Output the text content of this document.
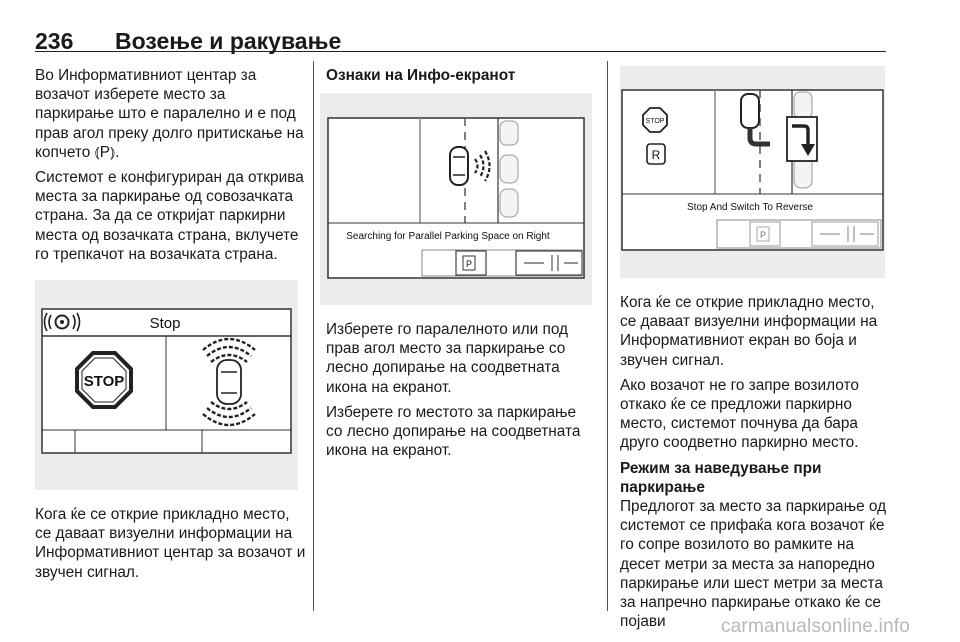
236 Возење и ракување

Во Информативниот центар за возачот изберете место за паркирање што е паралелно и е под прав агол преку долго притискање на копчето ⦅P⦆.

Системот е конфигуриран да открива места за паркирање од совозачката страна. За да се откријат паркирни места од возачката страна, вклучете го трепкачот на возачката страна.

Stop
STOP

Кога ќе се открие прикладно место, се даваат визуелни информации на Информативниот центар за возачот и звучен сигнал.

Ознаки на Инфо-екранот

Searching for Parallel Parking Space on Right
P

Изберете го паралелното или под прав агол место за паркирање со лесно допирање на соодветната икона на екранот.

Изберете го местото за паркирање со лесно допирање на соодветната икона на екранот.

STOP
R
Stop And Switch To Reverse
P

Кога ќе се открие прикладно место, се даваат визуелни информации на Информативниот екран во боја и звучен сигнал.

Ако возачот не го запре возилото откако ќе се предложи паркирно место, системот почнува да бара друго соодветно паркирно место.

Режим за наведување при
паркирање

Предлогот за место за паркирање од системот се прифаќа кога возачот ќе го сопре возилото во рамките на десет метри за места за напоредно паркирање или шест метри за места за напречно паркирање откако ќе се појави	carmanualsonline.info
